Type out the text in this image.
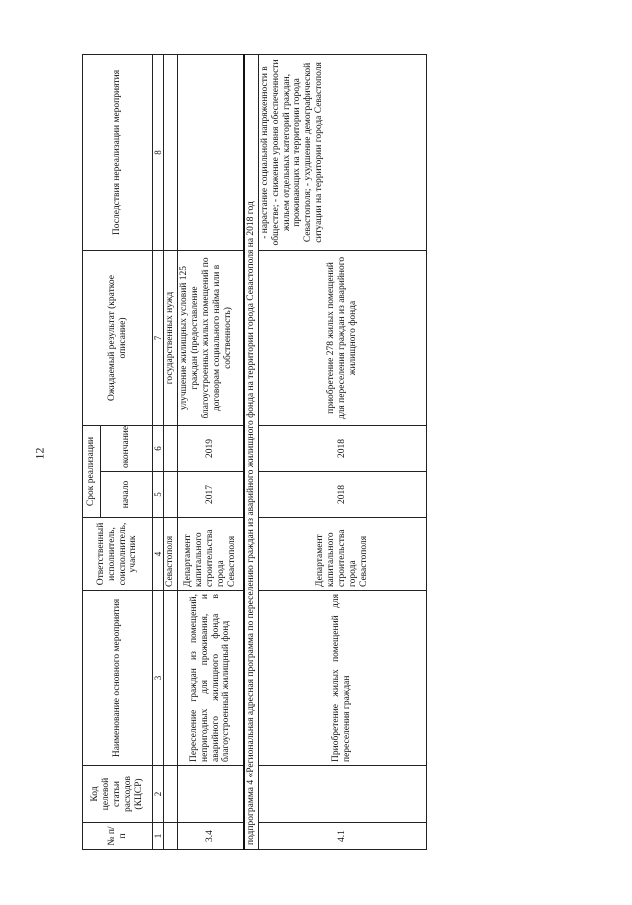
12
№ п/п	Код целевой статьи расходов (КЦСР)	Наименование основного мероприятия	Ответственный исполнитель, соисполнитель, участник	Срок реализации		Ожидаемый результат (краткое описание)	Последствия нереализации мероприятия
				начало	окончание		
1	2	3	4	5	6	7	8
			Севастополя			государственных нужд	
3.4		Переселение граждан из помещений, непригодных для проживания, и аварийного жилищного фонда в благоустроенный жилищный фонд	Департамент капитального строительства города Севастополя	2017	2019	улучшение жилищных условий 125 граждан (предоставление благоустроенных жилых помещений по договорам социального найма или в собственность)	
подпрограмма 4 «Региональная адресная программа по переселению граждан из аварийного жилищного фонда на территории города Севастополя на 2018 год							
4.1		Приобретение жилых помещений для переселения граждан	Департамент капитального строительства города Севастополя	2018	2018	приобретение 278 жилых помещений для переселения граждан из аварийного жилищного фонда	- нарастание социальной напряженности в обществе; - снижение уровня обеспеченности жильем отдельных категорий граждан, проживающих на территории города Севастополя; - ухудшение демографической ситуации на территории города Севастополя
